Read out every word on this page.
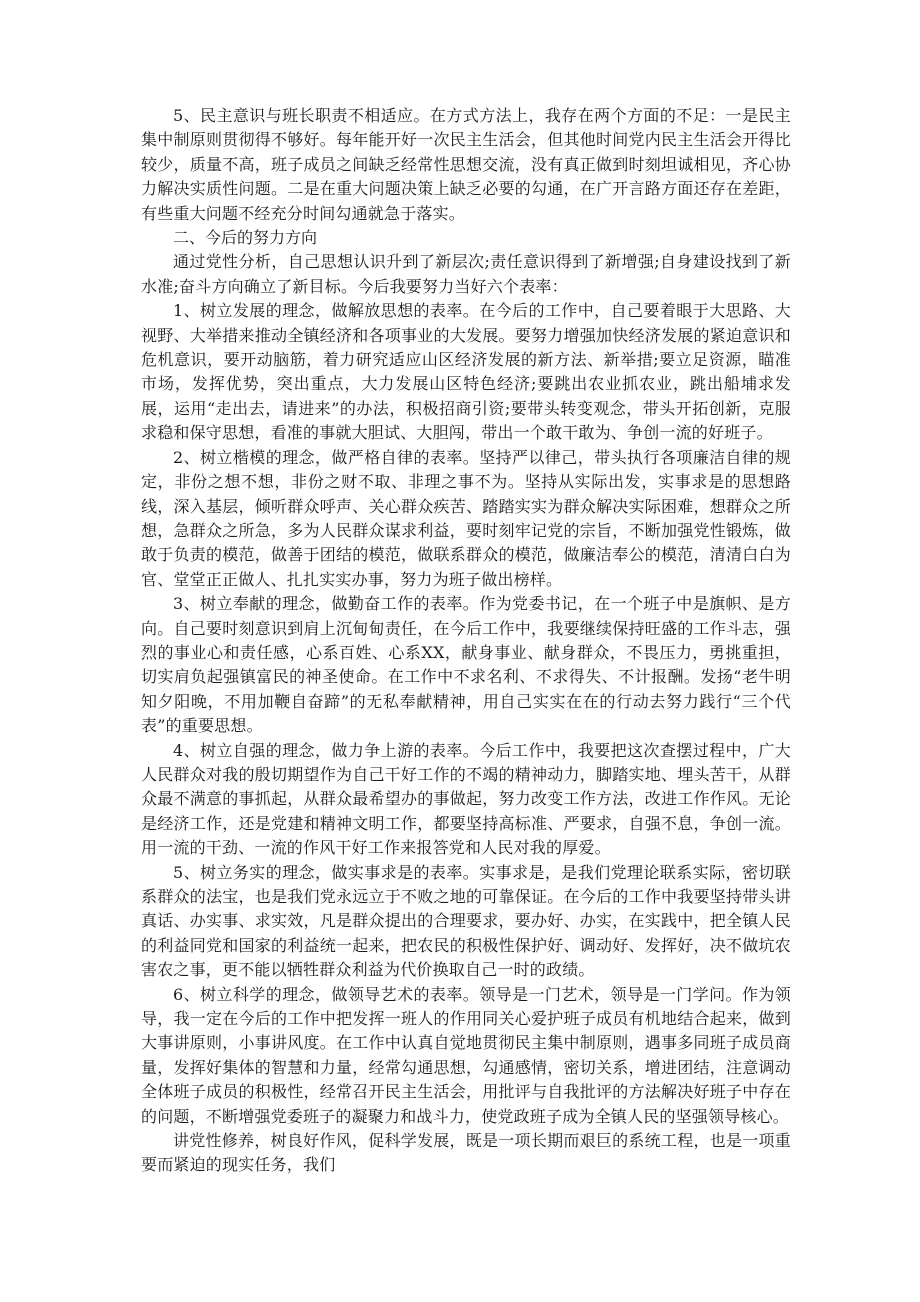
5、民主意识与班长职责不相适应。在方式方法上，我存在两个方面的不足：一是民主集中制原则贯彻得不够好。每年能开好一次民主生活会，但其他时间党内民主生活会开得比较少，质量不高，班子成员之间缺乏经常性思想交流，没有真正做到时刻坦诚相见，齐心协力解决实质性问题。二是在重大问题决策上缺乏必要的勾通，在广开言路方面还存在差距，有些重大问题不经充分时间勾通就急于落实。

二、今后的努力方向

通过党性分析，自己思想认识升到了新层次;责任意识得到了新增强;自身建设找到了新水准;奋斗方向确立了新目标。今后我要努力当好六个表率：

1、树立发展的理念，做解放思想的表率。在今后的工作中，自己要着眼于大思路、大视野、大举措来推动全镇经济和各项事业的大发展。要努力增强加快经济发展的紧迫意识和危机意识，要开动脑筋，着力研究适应山区经济发展的新方法、新举措;要立足资源，瞄准市场，发挥优势，突出重点，大力发展山区特色经济;要跳出农业抓农业，跳出船埔求发展，运用“走出去，请进来”的办法，积极招商引资;要带头转变观念，带头开拓创新，克服求稳和保守思想，看准的事就大胆试、大胆闯，带出一个敢干敢为、争创一流的好班子。

2、树立楷模的理念，做严格自律的表率。坚持严以律己，带头执行各项廉洁自律的规定，非份之想不想，非份之财不取、非理之事不为。坚持从实际出发，实事求是的思想路线，深入基层，倾听群众呼声、关心群众疾苦、踏踏实实为群众解决实际困难，想群众之所想，急群众之所急，多为人民群众谋求利益，要时刻牢记党的宗旨，不断加强党性锻炼，做敢于负责的模范，做善于团结的模范，做联系群众的模范，做廉洁奉公的模范，清清白白为官、堂堂正正做人、扎扎实实办事，努力为班子做出榜样。

3、树立奉献的理念，做勤奋工作的表率。作为党委书记，在一个班子中是旗帜、是方向。自己要时刻意识到肩上沉甸甸责任，在今后工作中，我要继续保持旺盛的工作斗志，强烈的事业心和责任感，心系百姓、心系XX，献身事业、献身群众，不畏压力，勇挑重担，切实肩负起强镇富民的神圣使命。在工作中不求名利、不求得失、不计报酬。发扬“老牛明知夕阳晚，不用加鞭自奋蹄”的无私奉献精神，用自己实实在在的行动去努力践行“三个代表”的重要思想。

4、树立自强的理念，做力争上游的表率。今后工作中，我要把这次查摆过程中，广大人民群众对我的殷切期望作为自己干好工作的不竭的精神动力，脚踏实地、埋头苦干，从群众最不满意的事抓起，从群众最希望办的事做起，努力改变工作方法，改进工作作风。无论是经济工作，还是党建和精神文明工作，都要坚持高标准、严要求，自强不息，争创一流。用一流的干劲、一流的作风干好工作来报答党和人民对我的厚爱。

5、树立务实的理念，做实事求是的表率。实事求是，是我们党理论联系实际，密切联系群众的法宝，也是我们党永远立于不败之地的可靠保证。在今后的工作中我要坚持带头讲真话、办实事、求实效，凡是群众提出的合理要求，要办好、办实，在实践中，把全镇人民的利益同党和国家的利益统一起来，把农民的积极性保护好、调动好、发挥好，决不做坑农害农之事，更不能以牺牲群众利益为代价换取自己一时的政绩。

6、树立科学的理念，做领导艺术的表率。领导是一门艺术，领导是一门学问。作为领导，我一定在今后的工作中把发挥一班人的作用同关心爱护班子成员有机地结合起来，做到大事讲原则，小事讲风度。在工作中认真自觉地贯彻民主集中制原则，遇事多同班子成员商量，发挥好集体的智慧和力量，经常勾通思想，勾通感情，密切关系，增进团结，注意调动全体班子成员的积极性，经常召开民主生活会，用批评与自我批评的方法解决好班子中存在的问题，不断增强党委班子的凝聚力和战斗力，使党政班子成为全镇人民的坚强领导核心。

讲党性修养，树良好作风，促科学发展，既是一项长期而艰巨的系统工程，也是一项重要而紧迫的现实任务，我们
